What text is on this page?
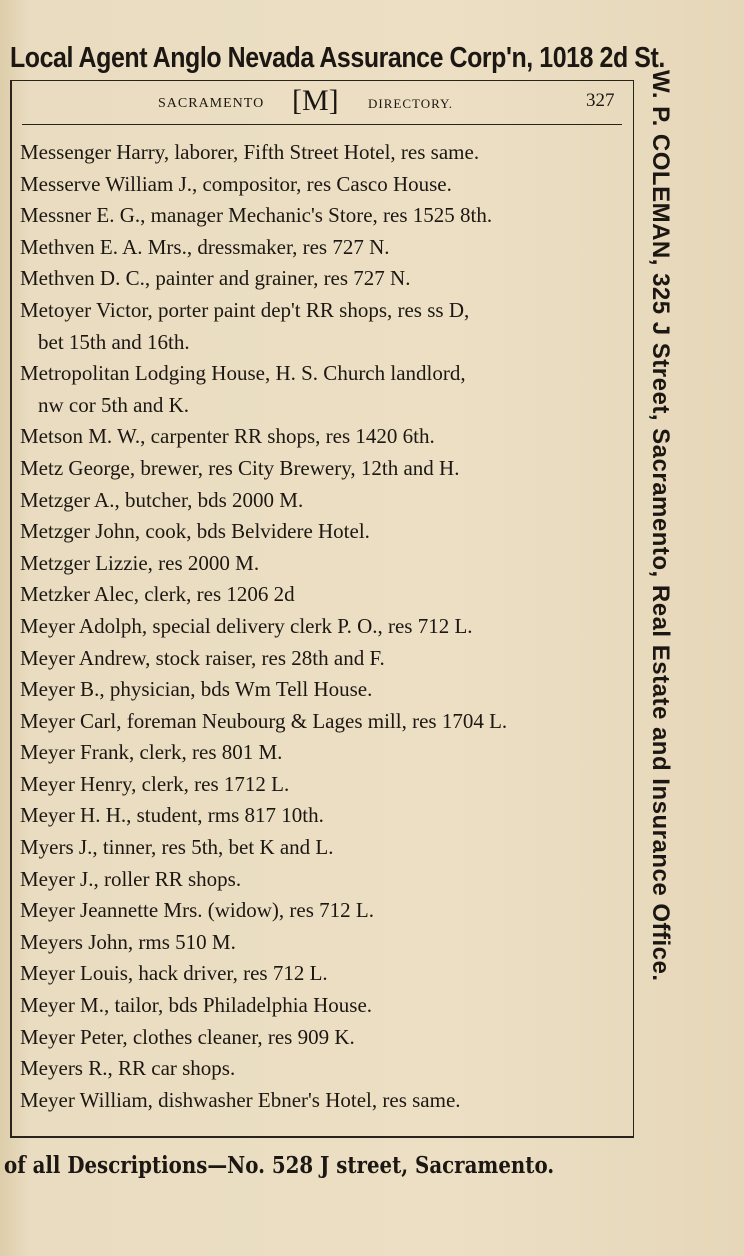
Local Agent Anglo Nevada Assurance Corp'n, 1018 2d St.
SACRAMENTO [M] DIRECTORY.	327
Messenger Harry, laborer, Fifth Street Hotel, res same.
Messerve William J., compositor, res Casco House.
Messner E. G., manager Mechanic's Store, res 1525 8th.
Methven E. A. Mrs., dressmaker, res 727 N.
Methven D. C., painter and grainer, res 727 N.
Metoyer Victor, porter paint dep't RR shops, res ss D,
bet 15th and 16th.
Metropolitan Lodging House, H. S. Church landlord,
nw cor 5th and K.
Metson M. W., carpenter RR shops, res 1420 6th.
Metz George, brewer, res City Brewery, 12th and H.
Metzger A., butcher, bds 2000 M.
Metzger John, cook, bds Belvidere Hotel.
Metzger Lizzie, res 2000 M.
Metzker Alec, clerk, res 1206 2d
Meyer Adolph, special delivery clerk P. O., res 712 L.
Meyer Andrew, stock raiser, res 28th and F.
Meyer B., physician, bds Wm Tell House.
Meyer Carl, foreman Neubourg & Lages mill, res 1704 L.
Meyer Frank, clerk, res 801 M.
Meyer Henry, clerk, res 1712 L.
Meyer H. H., student, rms 817 10th.
Myers J., tinner, res 5th, bet K and L.
Meyer J., roller RR shops.
Meyer Jeannette Mrs. (widow), res 712 L.
Meyers John, rms 510 M.
Meyer Louis, hack driver, res 712 L.
Meyer M., tailor, bds Philadelphia House.
Meyer Peter, clothes cleaner, res 909 K.
Meyers R., RR car shops.
Meyer William, dishwasher Ebner's Hotel, res same.
W. P. COLEMAN, 325 J Street, Sacramento, Real Estate and Insurance Office.
of all Descriptions—No. 528 J street, Sacramento.
